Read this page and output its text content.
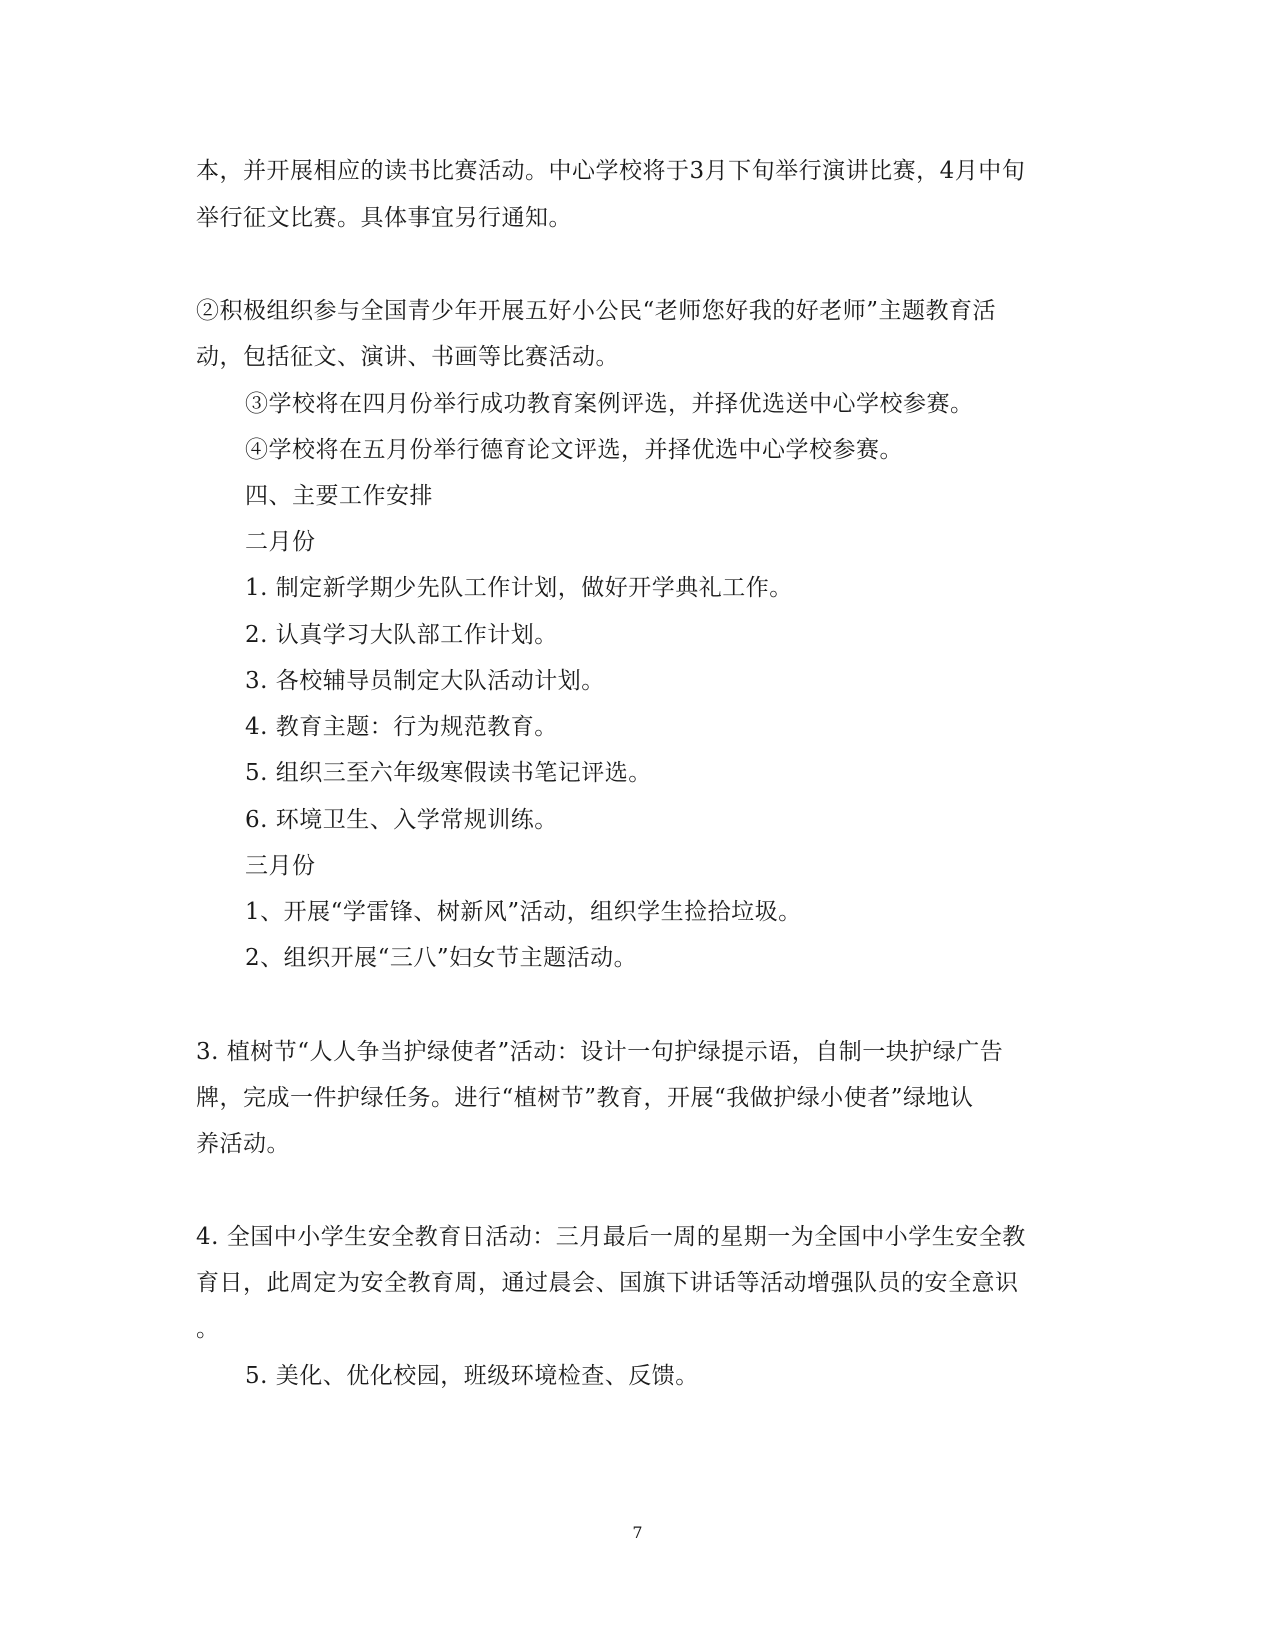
本，并开展相应的读书比赛活动。中心学校将于3月下旬举行演讲比赛，4月中旬
举行征文比赛。具体事宜另行通知。
②积极组织参与全国青少年开展五好小公民“老师您好我的好老师”主题教育活
动，包括征文、演讲、书画等比赛活动。
③学校将在四月份举行成功教育案例评选，并择优选送中心学校参赛。
④学校将在五月份举行德育论文评选，并择优选中心学校参赛。
四、主要工作安排
二月份
1. 制定新学期少先队工作计划，做好开学典礼工作。
2. 认真学习大队部工作计划。
3. 各校辅导员制定大队活动计划。
4. 教育主题：行为规范教育。
5. 组织三至六年级寒假读书笔记评选。
6. 环境卫生、入学常规训练。
三月份
1、开展“学雷锋、树新风”活动，组织学生捡拾垃圾。
2、组织开展“三八”妇女节主题活动。
3. 植树节“人人争当护绿使者”活动：设计一句护绿提示语，自制一块护绿广告
牌，完成一件护绿任务。进行“植树节”教育，开展“我做护绿小使者”绿地认
养活动。
4. 全国中小学生安全教育日活动：三月最后一周的星期一为全国中小学生安全教
育日，此周定为安全教育周，通过晨会、国旗下讲话等活动增强队员的安全意识
。
5. 美化、优化校园，班级环境检查、反馈。
7
